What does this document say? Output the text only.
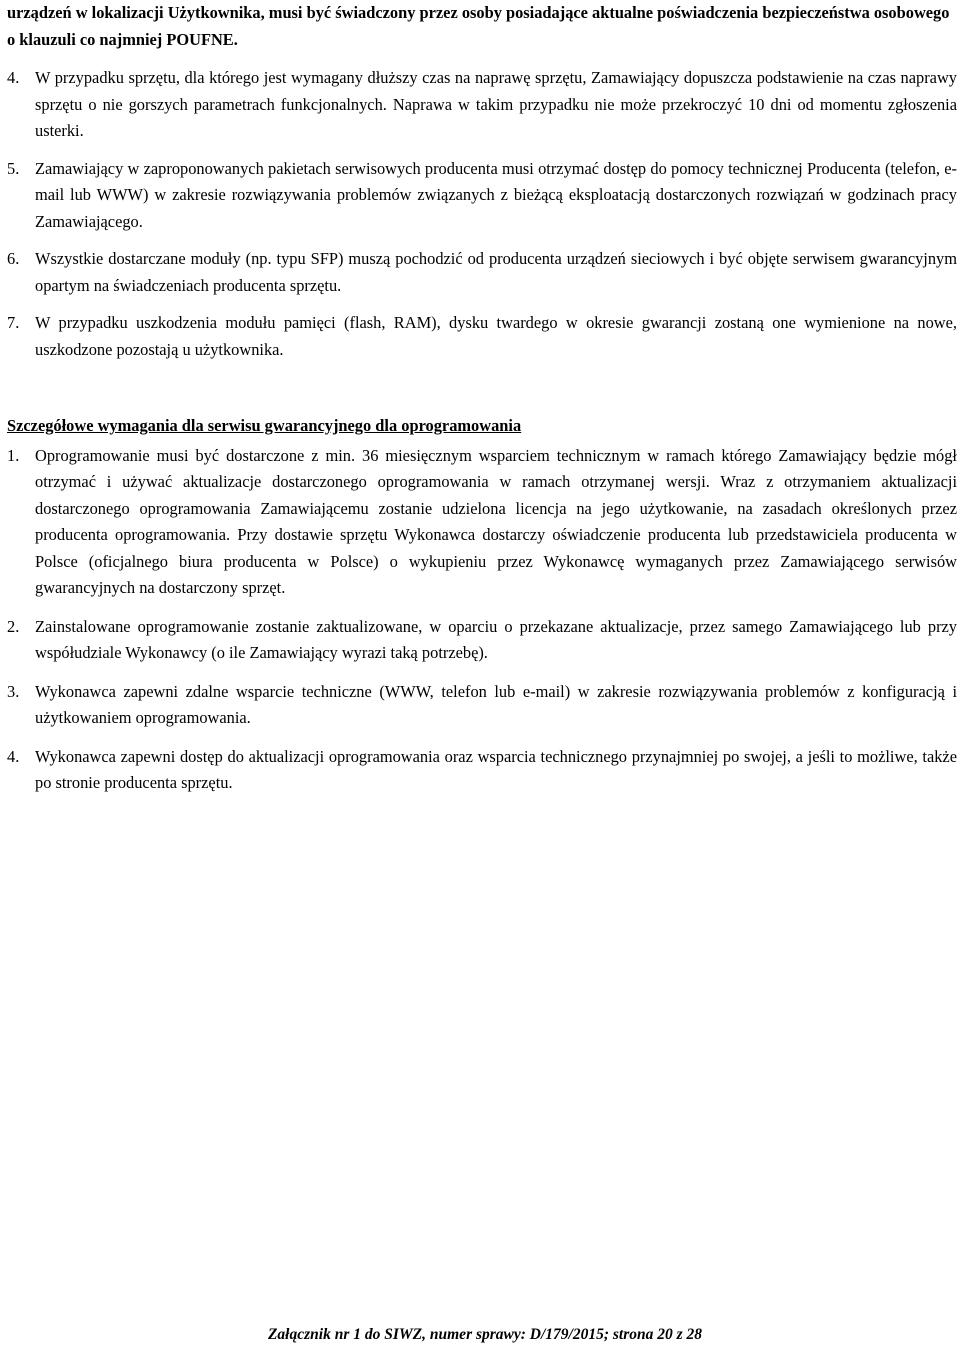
urządzeń w lokalizacji Użytkownika, musi być świadczony przez osoby posiadające aktualne poświadczenia bezpieczeństwa osobowego o klauzuli co najmniej POUFNE.

4. W przypadku sprzętu, dla którego jest wymagany dłuższy czas na naprawę sprzętu, Zamawiający dopuszcza podstawienie na czas naprawy sprzętu o nie gorszych parametrach funkcjonalnych. Naprawa w takim przypadku nie może przekroczyć 10 dni od momentu zgłoszenia usterki.
5. Zamawiający w zaproponowanych pakietach serwisowych producenta musi otrzymać dostęp do pomocy technicznej Producenta (telefon, e-mail lub WWW) w zakresie rozwiązywania problemów związanych z bieżącą eksploatacją dostarczonych rozwiązań w godzinach pracy Zamawiającego.
6. Wszystkie dostarczane moduły (np. typu SFP) muszą pochodzić od producenta urządzeń sieciowych i być objęte serwisem gwarancyjnym opartym na świadczeniach producenta sprzętu.
7. W przypadku uszkodzenia modułu pamięci (flash, RAM), dysku twardego w okresie gwarancji zostaną one wymienione na nowe, uszkodzone pozostają u użytkownika.
Szczegółowe wymagania dla serwisu gwarancyjnego dla oprogramowania
1. Oprogramowanie musi być dostarczone z min. 36 miesięcznym wsparciem technicznym w ramach którego Zamawiający będzie mógł otrzymać i używać aktualizacje dostarczonego oprogramowania w ramach otrzymanej wersji. Wraz z otrzymaniem aktualizacji dostarczonego oprogramowania Zamawiającemu zostanie udzielona licencja na jego użytkowanie, na zasadach określonych przez producenta oprogramowania. Przy dostawie sprzętu Wykonawca dostarczy oświadczenie producenta lub przedstawiciela producenta w Polsce (oficjalnego biura producenta w Polsce) o wykupieniu przez Wykonawcę wymaganych przez Zamawiającego serwisów gwarancyjnych na dostarczony sprzęt.
2. Zainstalowane oprogramowanie zostanie zaktualizowane, w oparciu o przekazane aktualizacje, przez samego Zamawiającego lub przy współudziale Wykonawcy (o ile Zamawiający wyrazi taką potrzebę).
3. Wykonawca zapewni zdalne wsparcie techniczne (WWW, telefon lub e-mail) w zakresie rozwiązywania problemów z konfiguracją i użytkowaniem oprogramowania.
4. Wykonawca zapewni dostęp do aktualizacji oprogramowania oraz wsparcia technicznego przynajmniej po swojej, a jeśli to możliwe, także po stronie producenta sprzętu.
Załącznik nr 1 do SIWZ, numer sprawy: D/179/2015; strona 20 z 28
